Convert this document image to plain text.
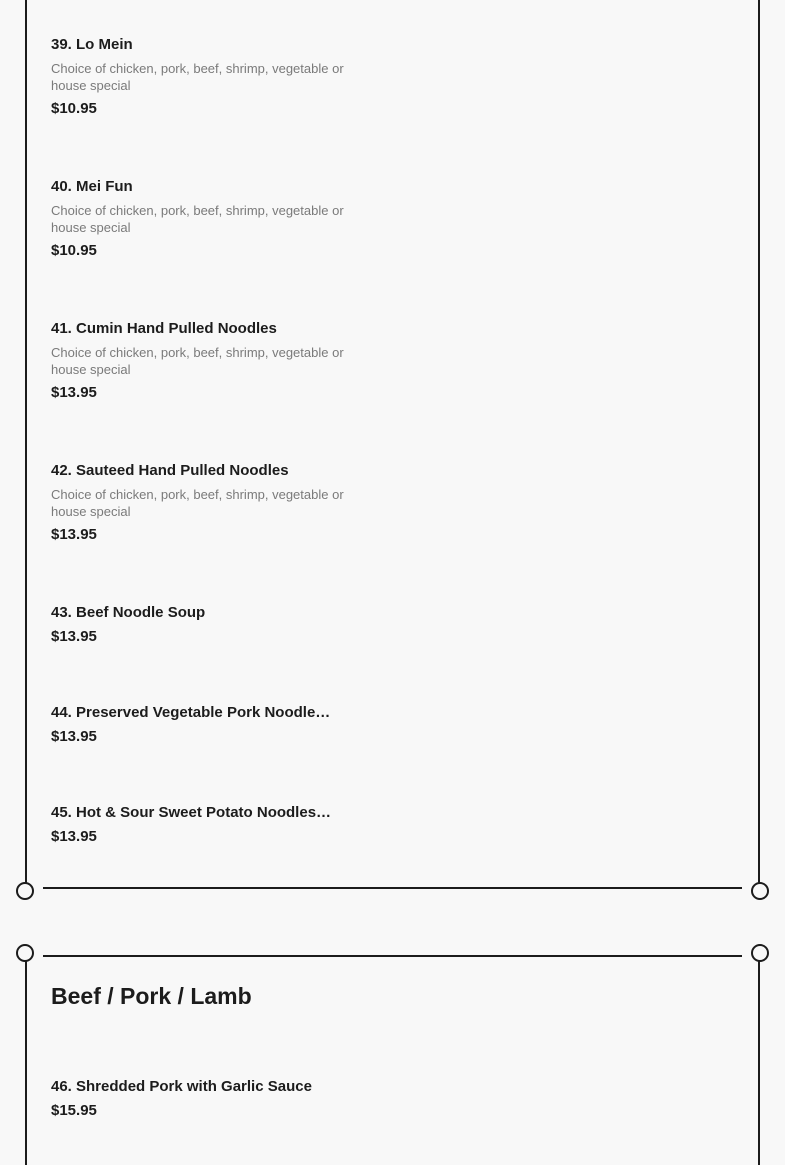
39. Lo Mein

Choice of chicken, pork, beef, shrimp, vegetable or house special

$10.95

40. Mei Fun

Choice of chicken, pork, beef, shrimp, vegetable or house special

$10.95

41. Cumin Hand Pulled Noodles

Choice of chicken, pork, beef, shrimp, vegetable or house special

$13.95

42. Sauteed Hand Pulled Noodles

Choice of chicken, pork, beef, shrimp, vegetable or house special

$13.95

43. Beef Noodle Soup

$13.95

44. Preserved Vegetable Pork Noodle…

$13.95

45. Hot & Sour Sweet Potato Noodles…

$13.95

Beef / Pork / Lamb

46. Shredded Pork with Garlic Sauce

$15.95
